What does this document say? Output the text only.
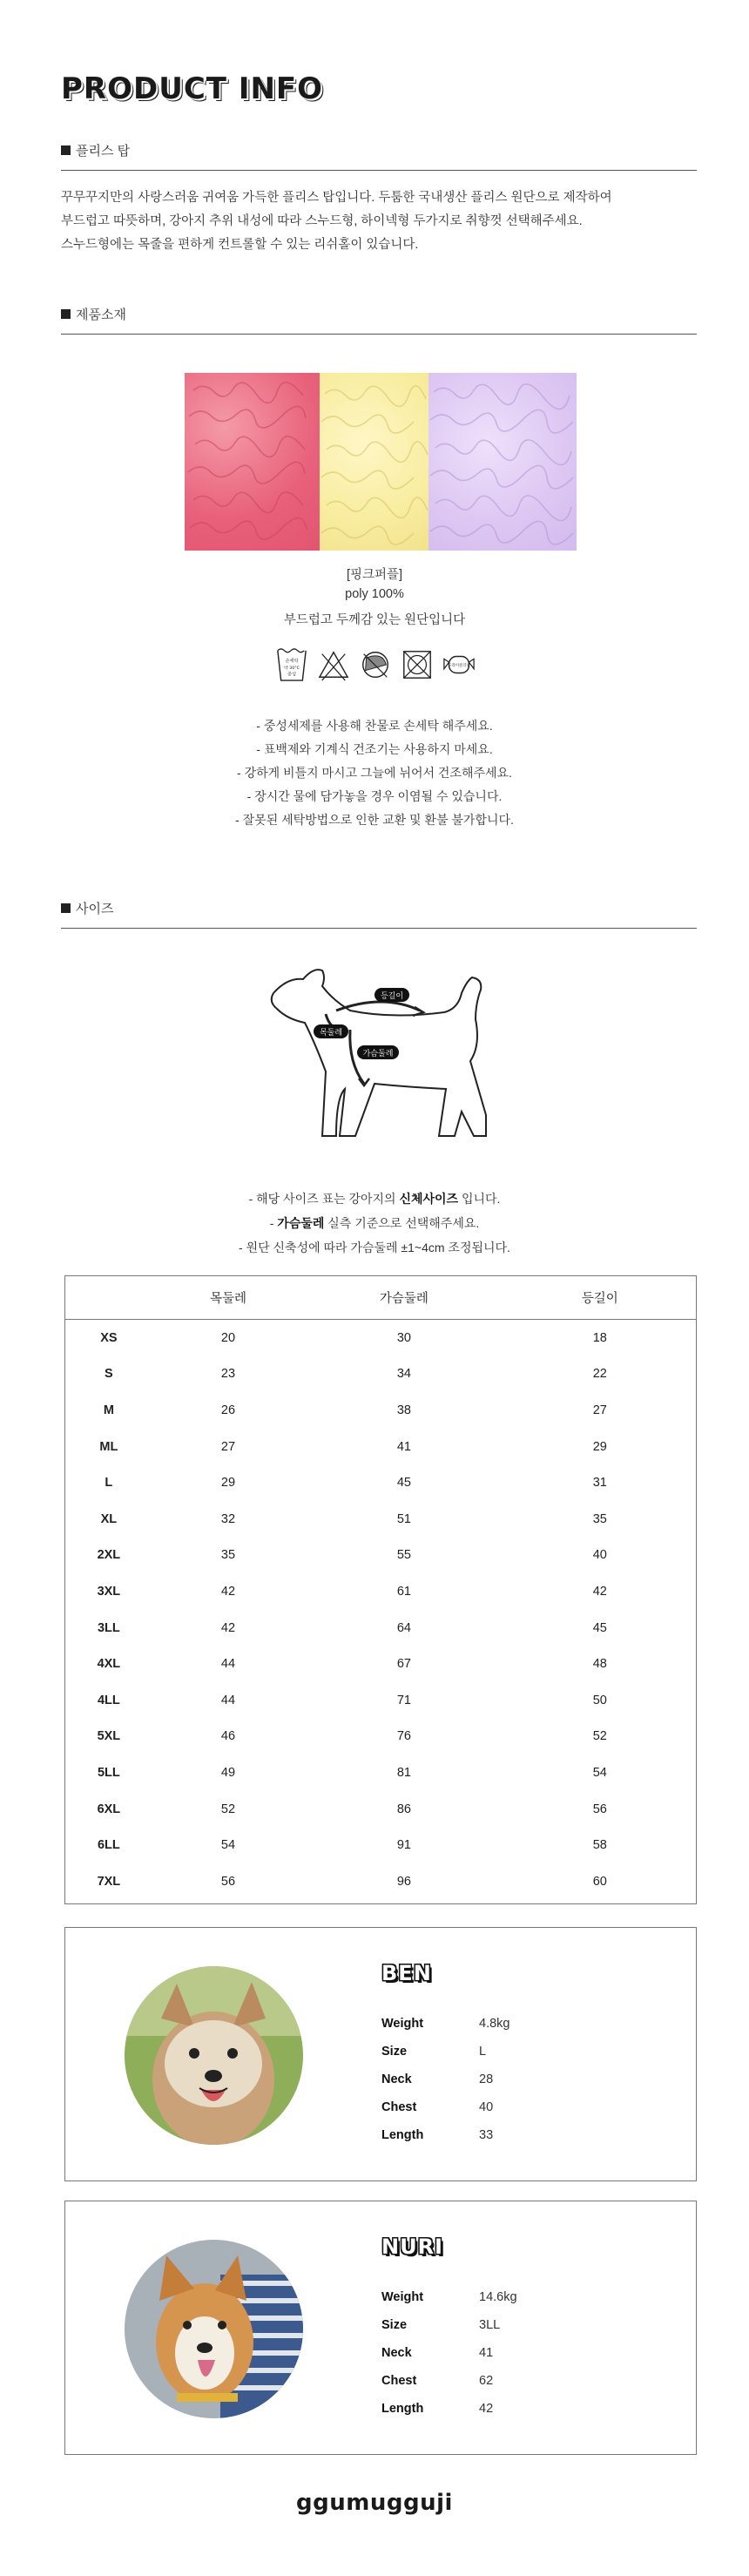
PRODUCT INFO
플리스 탑
꾸무꾸지만의 사랑스러움 귀여움 가득한 플리스 탑입니다. 두툼한 국내생산 플리스 원단으로 제작하여
부드럽고 따뜻하며, 강아지 추위 내성에 따라 스누드형, 하이넥형 두가지로 취향껏 선택해주세요.
스누드형에는 목줄을 편하게 컨트롤할 수 있는 리쉬홀이 있습니다.
제품소재
[핑크퍼플]
poly 100%
부드럽고 두께감 있는 원단입니다
손세탁
약 30°C
중성
드라이클리닝
- 중성세제를 사용해 찬물로 손세탁 해주세요.
- 표백제와 기계식 건조기는 사용하지 마세요.
- 강하게 비틀지 마시고 그늘에 뉘어서 건조해주세요.
- 장시간 물에 담가놓을 경우 이염될 수 있습니다.
- 잘못된 세탁방법으로 인한 교환 및 환불 불가합니다.
사이즈
목둘레
등길이
가슴둘레
- 해당 사이즈 표는 강아지의 신체사이즈 입니다.
- 가슴둘레 실측 기준으로 선택해주세요.
- 원단 신축성에 따라 가슴둘레 ±1~4cm 조정됩니다.
목둘레	가슴둘레	등길이
XS	20	30	18
S	23	34	22
M	26	38	27
ML	27	41	29
L	29	45	31
XL	32	51	35
2XL	35	55	40
3XL	42	61	42
3LL	42	64	45
4XL	44	67	48
4LL	44	71	50
5XL	46	76	52
5LL	49	81	54
6XL	52	86	56
6LL	54	91	58
7XL	56	96	60
BEN
Weight	4.8kg
Size	L
Neck	28
Chest	40
Length	33
NURI
Weight	14.6kg
Size	3LL
Neck	41
Chest	62
Length	42
ggumugguji
